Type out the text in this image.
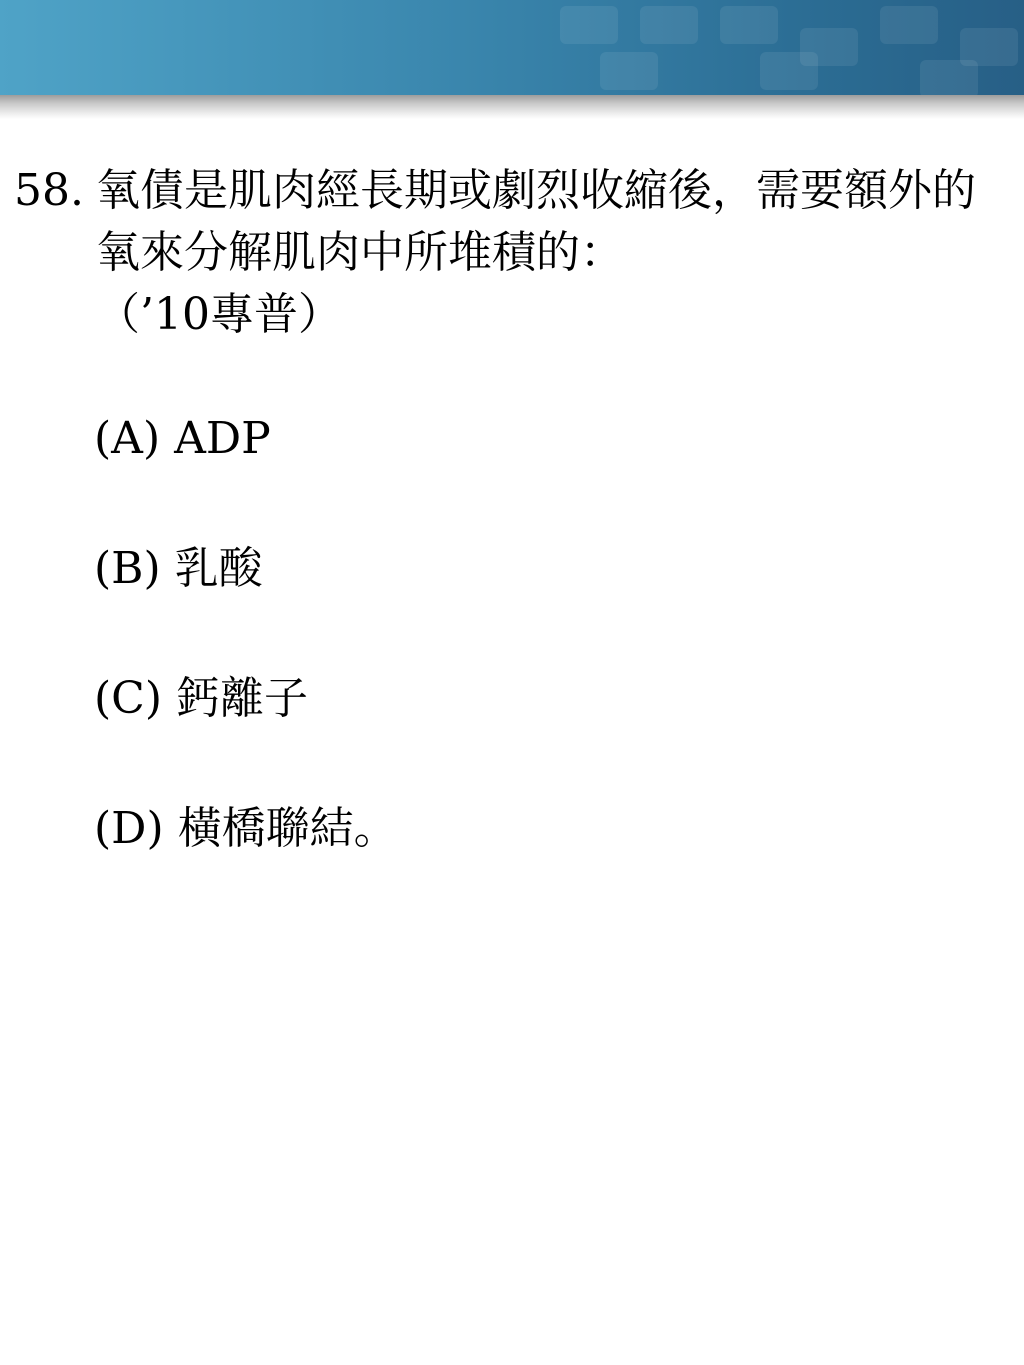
58. 氧債是肌肉經長期或劇烈收縮後，需要額外的氧來分解肌肉中所堆積的：
（’10專普）
(A) ADP
(B) 乳酸
(C) 鈣離子
(D) 橫橋聯結。
